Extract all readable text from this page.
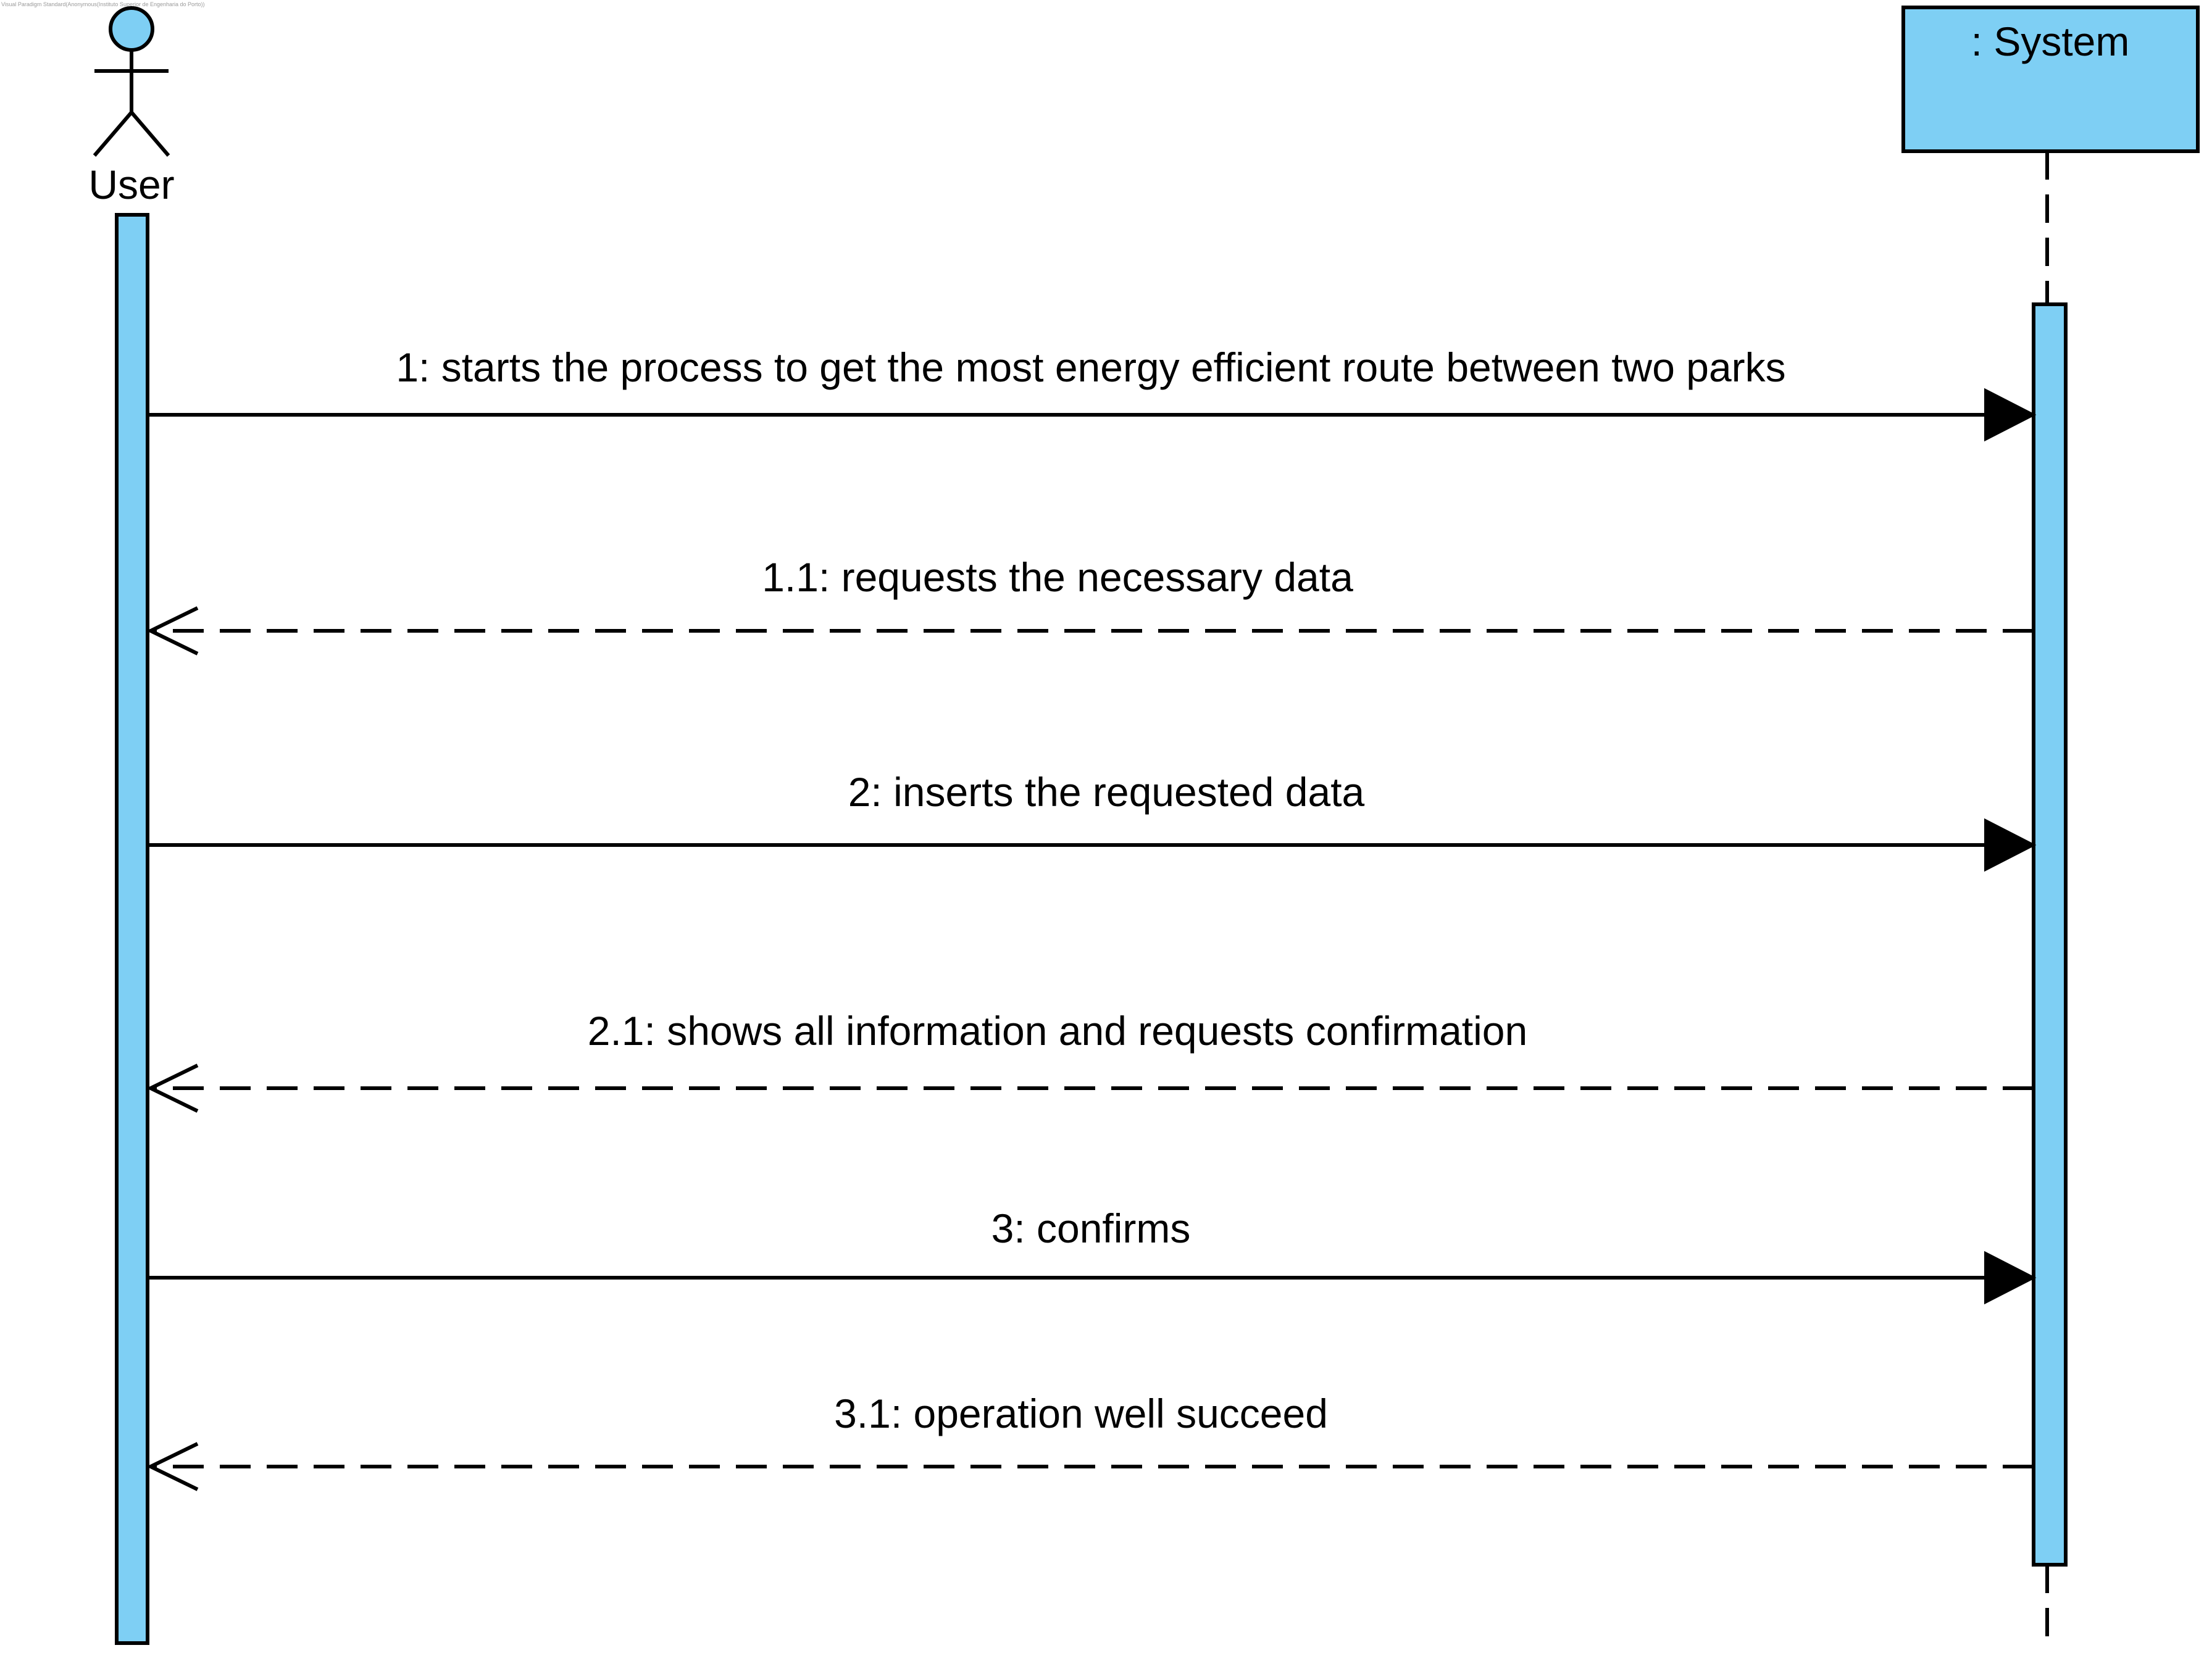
Visual Paradigm Standard(Anonymous(Instituto Superior de Engenharia do Porto))
User
: System
1: starts the process to get the most energy efficient route between two parks
1.1: requests the necessary data
2: inserts the requested data
2.1: shows all information and requests confirmation
3: confirms
3.1: operation well succeed
